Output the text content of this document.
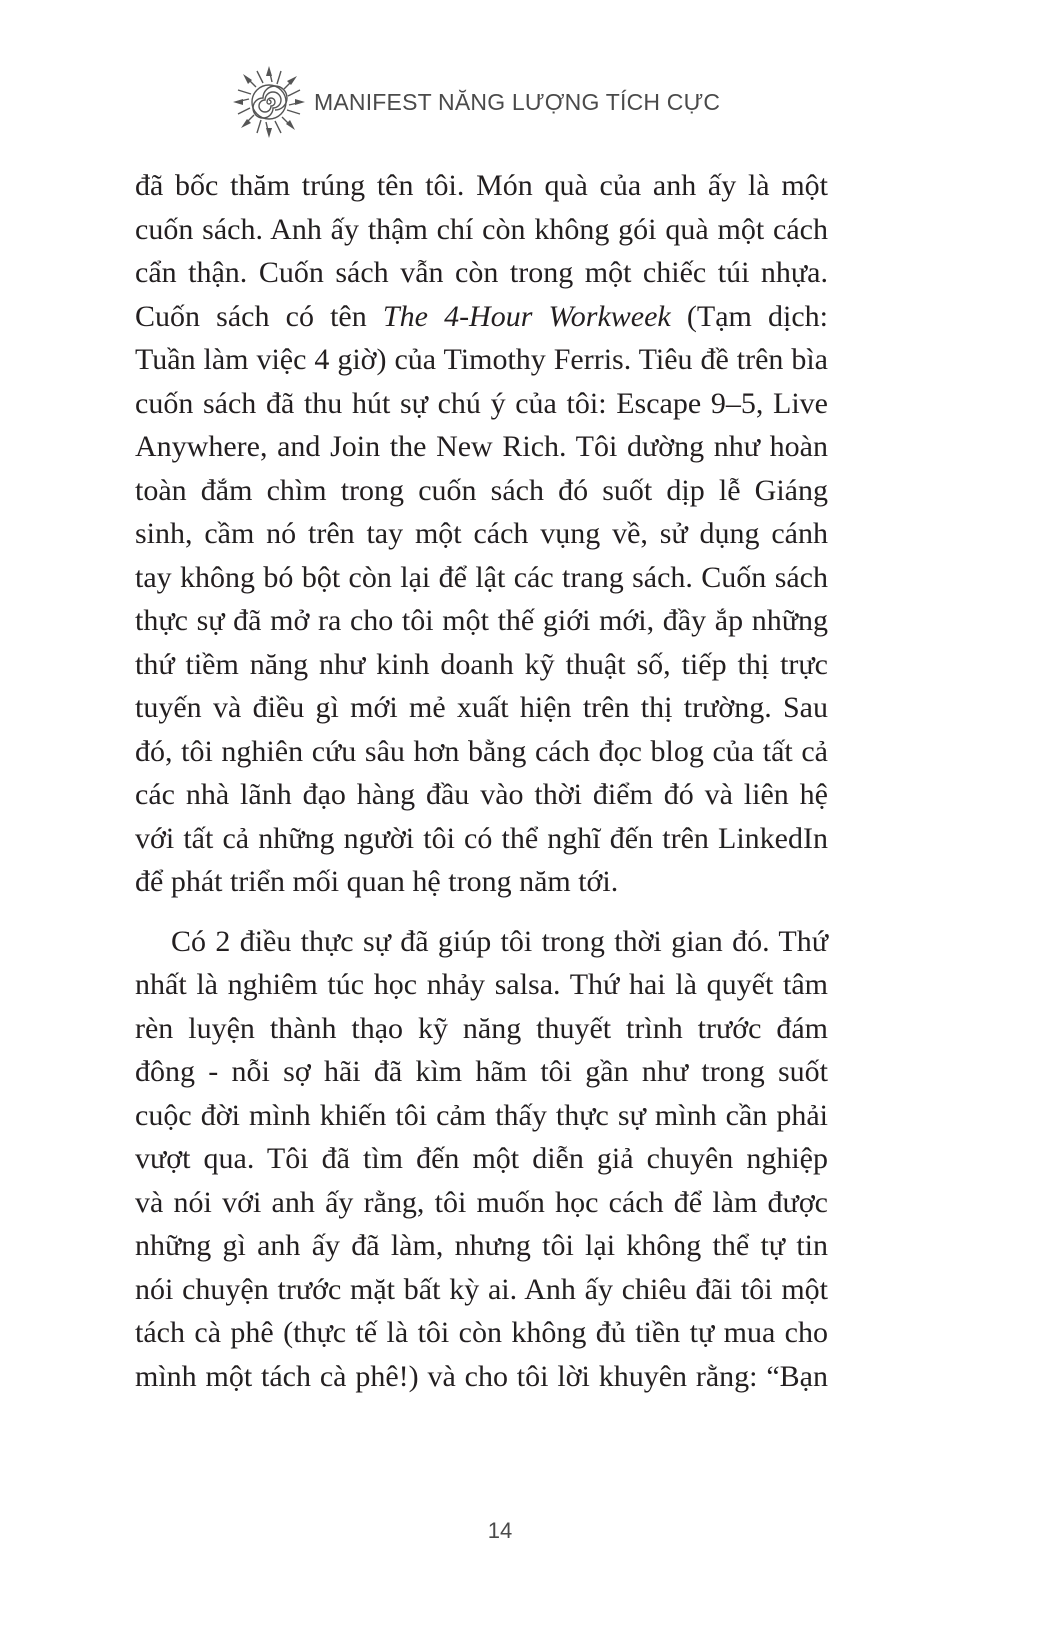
MANIFEST NĂNG LƯỢNG TÍCH CỰC
đã bốc thăm trúng tên tôi. Món quà của anh ấy là một
cuốn sách. Anh ấy thậm chí còn không gói quà một cách
cẩn thận. Cuốn sách vẫn còn trong một chiếc túi nhựa.
Cuốn sách có tên The 4-Hour Workweek (Tạm dịch:
Tuần làm việc 4 giờ) của Timothy Ferris. Tiêu đề trên bìa
cuốn sách đã thu hút sự chú ý của tôi: Escape 9–5, Live
Anywhere, and Join the New Rich. Tôi dường như hoàn
toàn đắm chìm trong cuốn sách đó suốt dịp lễ Giáng
sinh, cầm nó trên tay một cách vụng về, sử dụng cánh
tay không bó bột còn lại để lật các trang sách. Cuốn sách
thực sự đã mở ra cho tôi một thế giới mới, đầy ắp những
thứ tiềm năng như kinh doanh kỹ thuật số, tiếp thị trực
tuyến và điều gì mới mẻ xuất hiện trên thị trường. Sau
đó, tôi nghiên cứu sâu hơn bằng cách đọc blog của tất cả
các nhà lãnh đạo hàng đầu vào thời điểm đó và liên hệ
với tất cả những người tôi có thể nghĩ đến trên LinkedIn
để phát triển mối quan hệ trong năm tới.
Có 2 điều thực sự đã giúp tôi trong thời gian đó. Thứ
nhất là nghiêm túc học nhảy salsa. Thứ hai là quyết tâm
rèn luyện thành thạo kỹ năng thuyết trình trước đám
đông - nỗi sợ hãi đã kìm hãm tôi gần như trong suốt
cuộc đời mình khiến tôi cảm thấy thực sự mình cần phải
vượt qua. Tôi đã tìm đến một diễn giả chuyên nghiệp
và nói với anh ấy rằng, tôi muốn học cách để làm được
những gì anh ấy đã làm, nhưng tôi lại không thể tự tin
nói chuyện trước mặt bất kỳ ai. Anh ấy chiêu đãi tôi một
tách cà phê (thực tế là tôi còn không đủ tiền tự mua cho
mình một tách cà phê!) và cho tôi lời khuyên rằng: “Bạn
14
